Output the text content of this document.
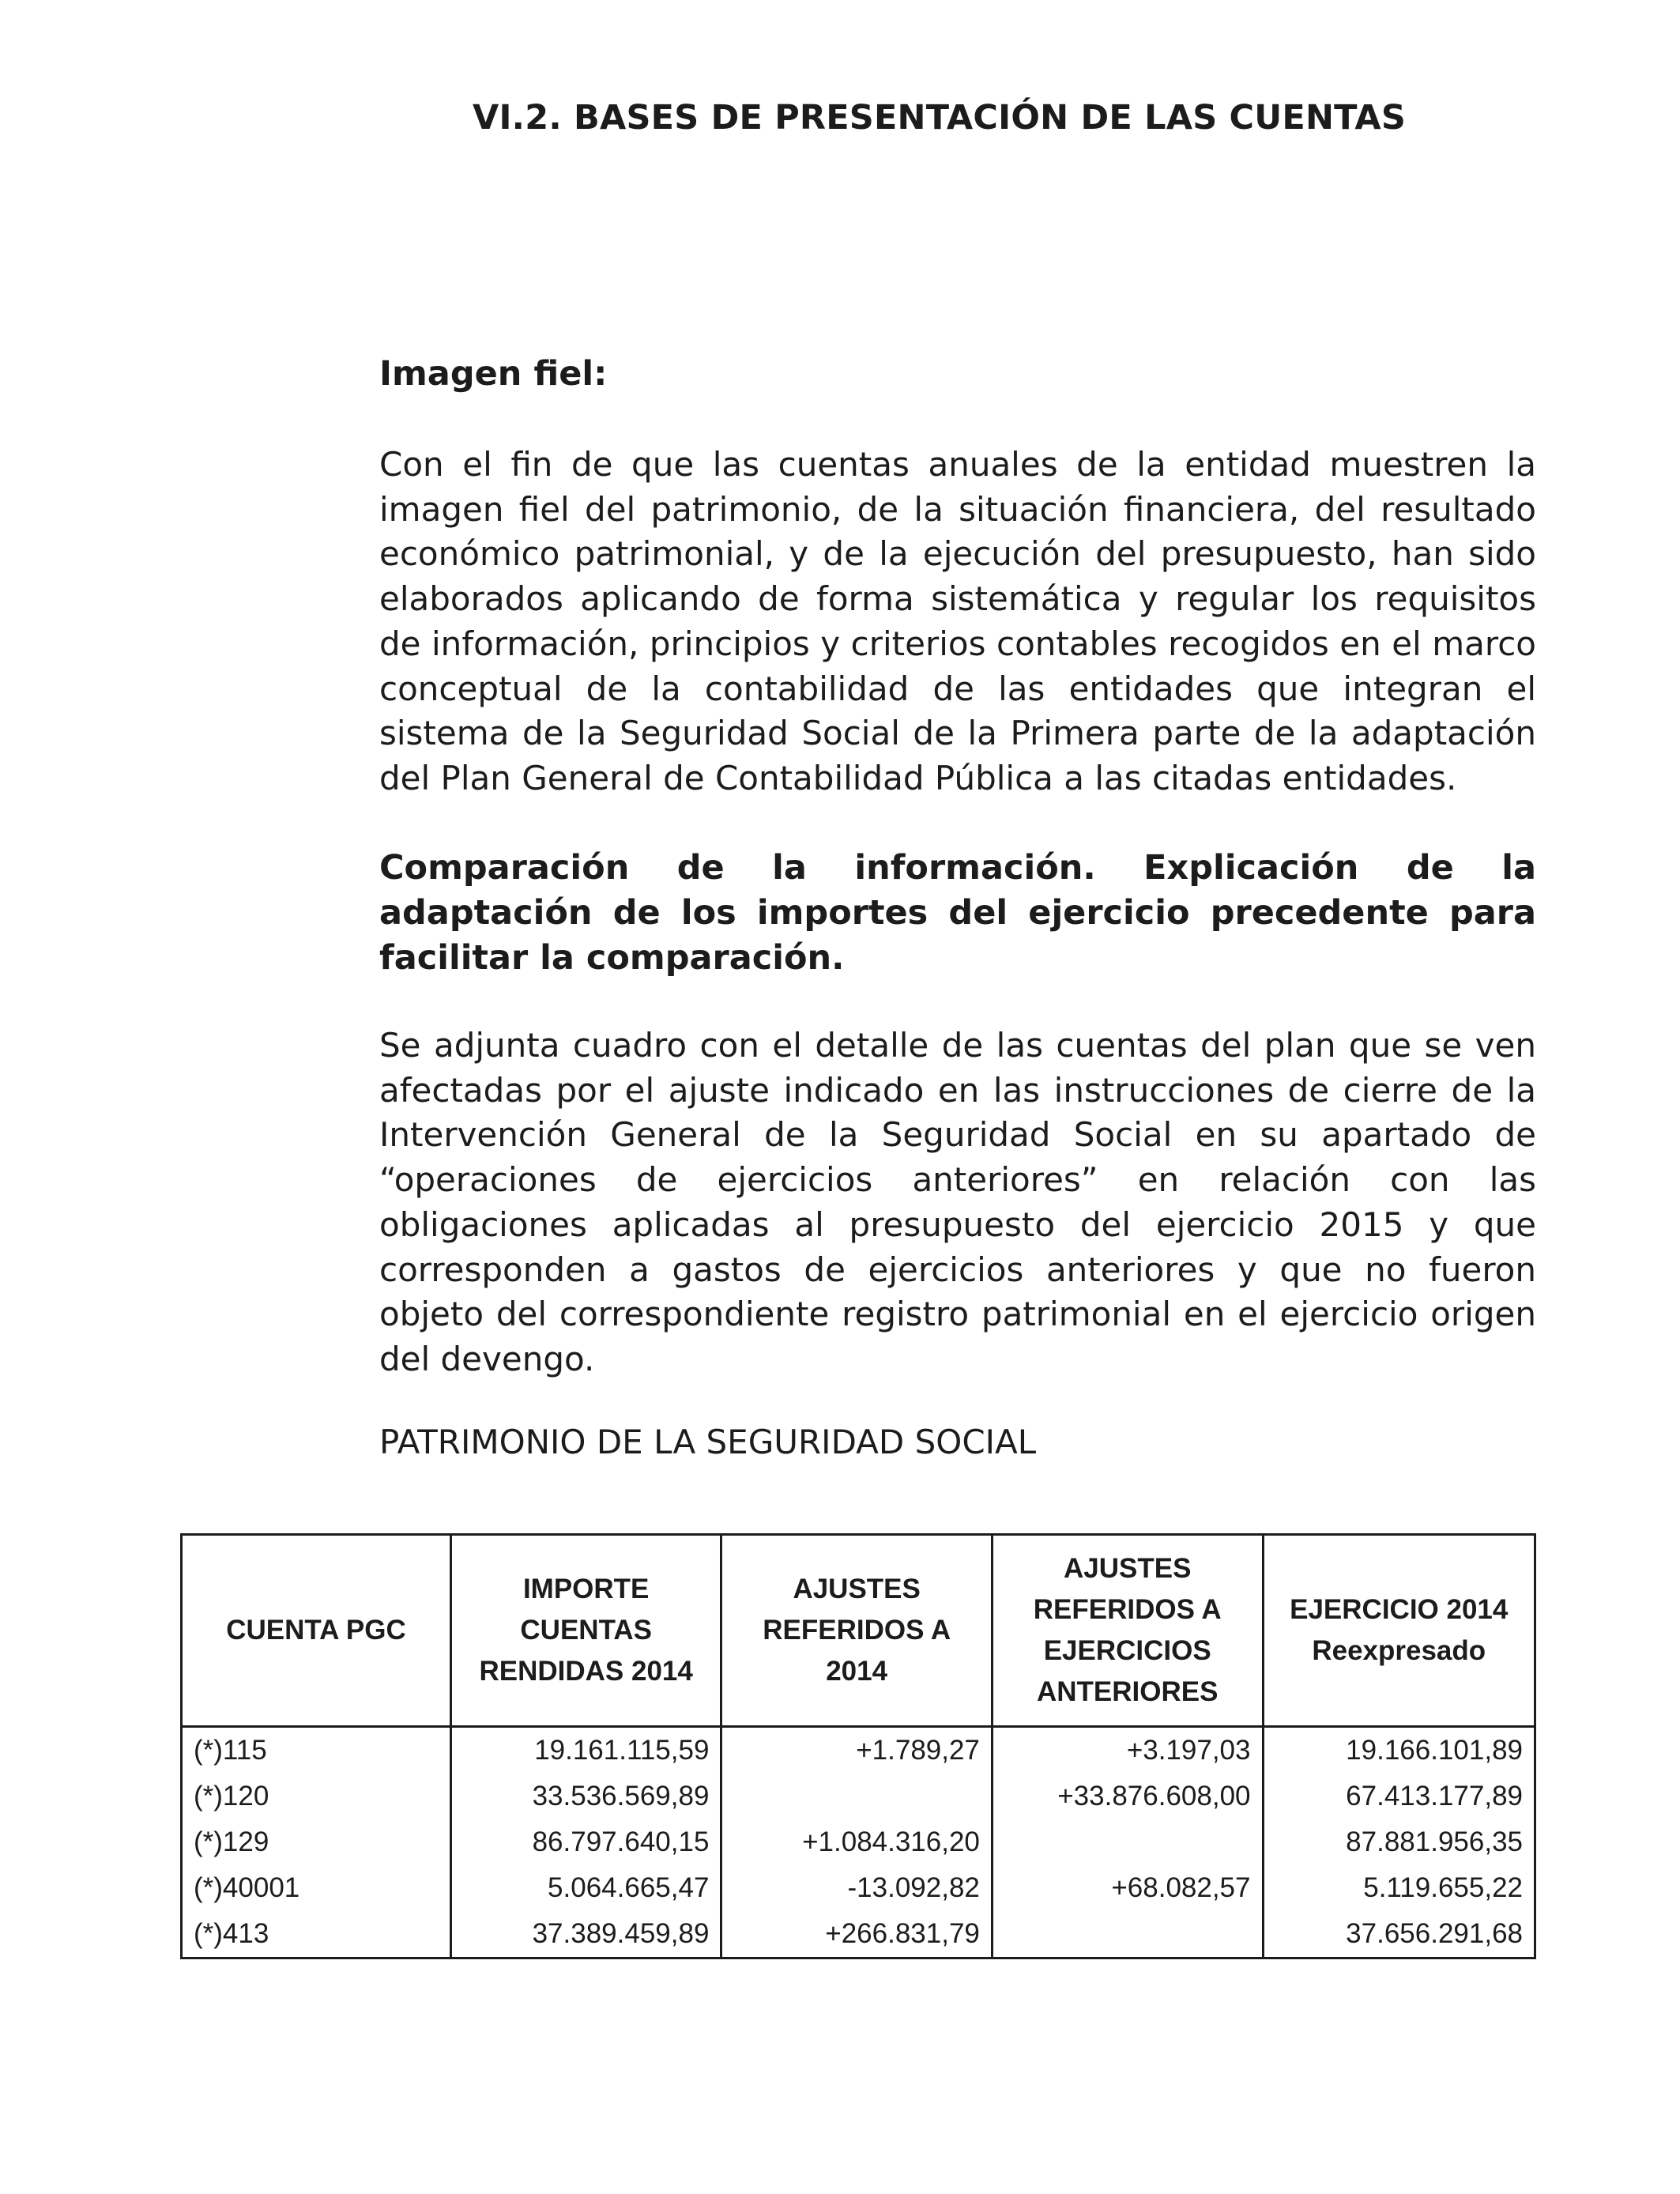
VI.2. BASES DE PRESENTACIÓN DE LAS CUENTAS
Imagen fiel:

Con el fin de que las cuentas anuales de la entidad muestren la imagen fiel del patrimonio, de la situación financiera, del resultado económico patrimonial, y de la ejecución del presupuesto, han sido elaborados aplicando de forma sistemática y regular los requisitos de información, principios y criterios contables recogidos en el marco conceptual de la contabilidad de las entidades que integran el sistema de la Seguridad Social de la Primera parte de la adaptación del Plan General de Contabilidad Pública a las citadas entidades.

Comparación de la información. Explicación de la adaptación de los importes del ejercicio precedente para facilitar la comparación.

Se adjunta cuadro con el detalle de las cuentas del plan que se ven afectadas por el ajuste indicado en las instrucciones de cierre de la Intervención General de la Seguridad Social en su apartado de “operaciones de ejercicios anteriores” en relación con las obligaciones aplicadas al presupuesto del ejercicio 2015 y que corresponden a gastos de ejercicios anteriores y que no fueron objeto del correspondiente registro patrimonial en el ejercicio origen del devengo.

PATRIMONIO DE LA SEGURIDAD SOCIAL

CUENTA PGC	IMPORTE CUENTAS RENDIDAS 2014	AJUSTES REFERIDOS A 2014	AJUSTES REFERIDOS A EJERCICIOS ANTERIORES	EJERCICIO 2014
Reexpresado
(*)115	19.161.115,59	+1.789,27	+3.197,03	19.166.101,89
(*)120	33.536.569,89		+33.876.608,00	67.413.177,89
(*)129	86.797.640,15	+1.084.316,20		87.881.956,35
(*)40001	5.064.665,47	-13.092,82	+68.082,57	5.119.655,22
(*)413	37.389.459,89	+266.831,79		37.656.291,68
